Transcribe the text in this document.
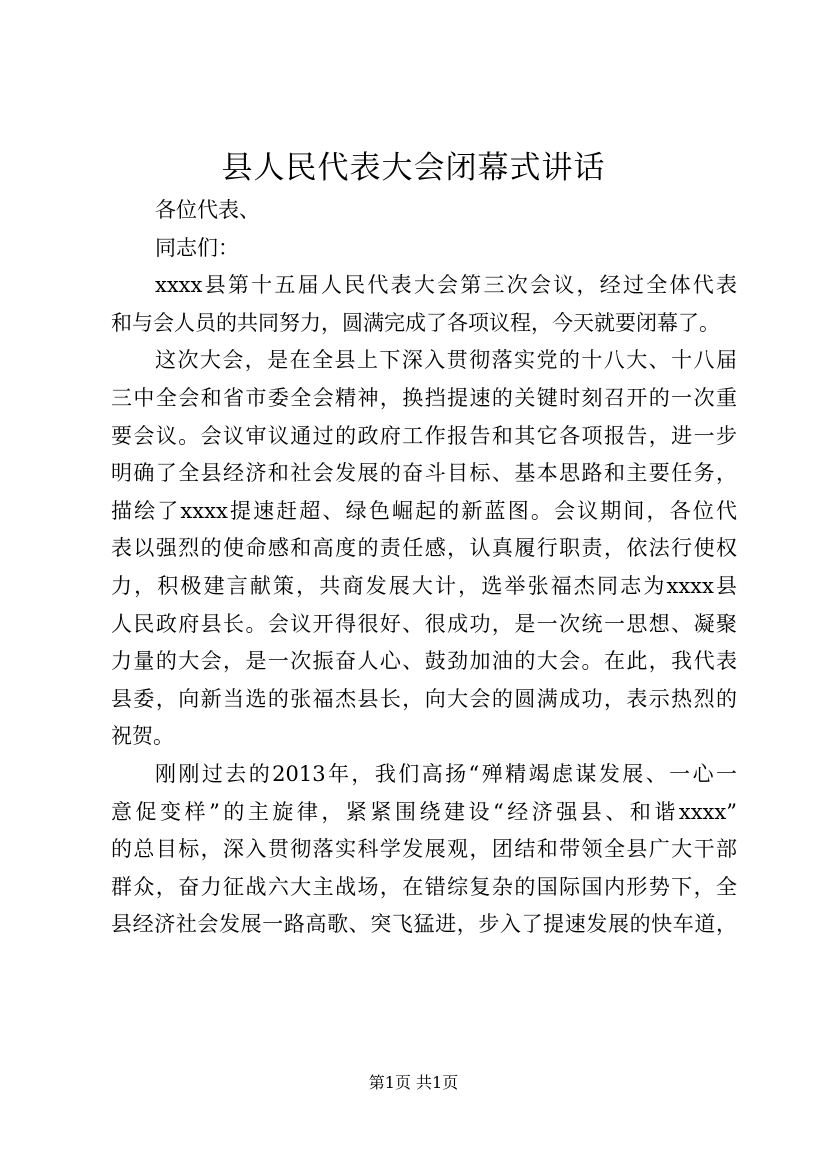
县人民代表大会闭幕式讲话
各位代表、
同志们：
xxxx县第十五届人民代表大会第三次会议，经过全体代表
和与会人员的共同努力，圆满完成了各项议程，今天就要闭幕了。
这次大会，是在全县上下深入贯彻落实党的十八大、十八届
三中全会和省市委全会精神，换挡提速的关键时刻召开的一次重
要会议。会议审议通过的政府工作报告和其它各项报告，进一步
明确了全县经济和社会发展的奋斗目标、基本思路和主要任务，
描绘了xxxx提速赶超、绿色崛起的新蓝图。会议期间，各位代
表以强烈的使命感和高度的责任感，认真履行职责，依法行使权
力，积极建言献策，共商发展大计，选举张福杰同志为xxxx县
人民政府县长。会议开得很好、很成功，是一次统一思想、凝聚
力量的大会，是一次振奋人心、鼓劲加油的大会。在此，我代表
县委，向新当选的张福杰县长，向大会的圆满成功，表示热烈的
祝贺。
刚刚过去的2013年，我们高扬“殚精竭虑谋发展、一心一
意促变样”的主旋律，紧紧围绕建设“经济强县、和谐xxxx”
的总目标，深入贯彻落实科学发展观，团结和带领全县广大干部
群众，奋力征战六大主战场，在错综复杂的国际国内形势下，全
县经济社会发展一路高歌、突飞猛进，步入了提速发展的快车道，
第1页 共1页
